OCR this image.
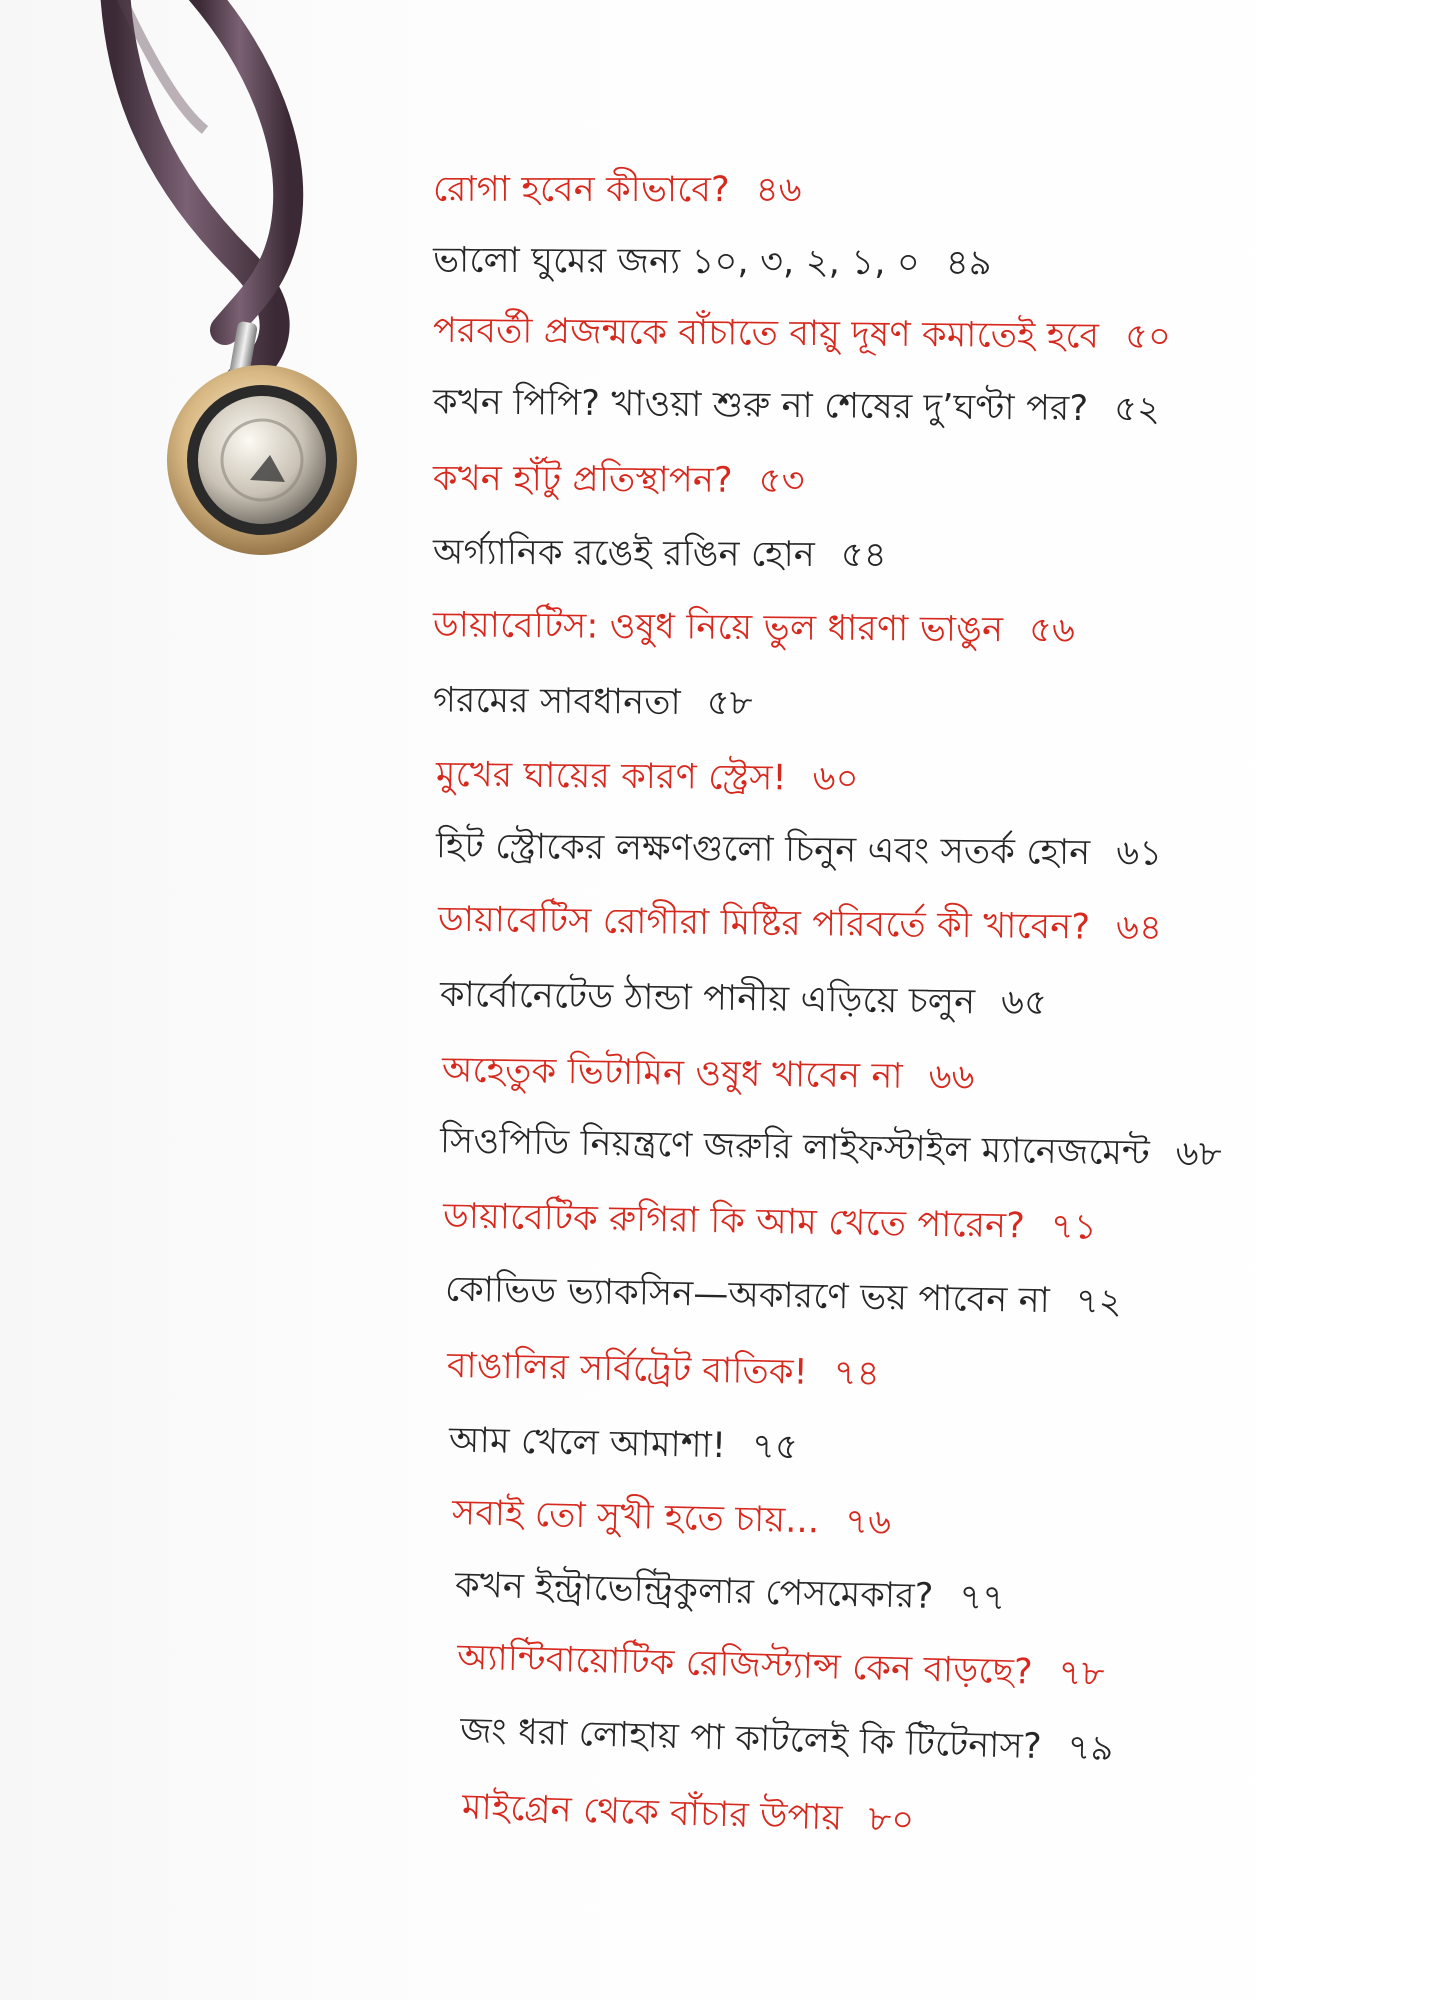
রোগা হবেন কীভাবে? ৪৬
ভালো ঘুমের জন্য ১০, ৩, ২, ১, ০ ৪৯
পরবর্তী প্রজন্মকে বাঁচাতে বায়ু দূষণ কমাতেই হবে ৫০
কখন পিপি? খাওয়া শুরু না শেষের দু’ঘণ্টা পর? ৫২
কখন হাঁটু প্রতিস্থাপন? ৫৩
অর্গ্যানিক রঙেই রঙিন হোন ৫৪
ডায়াবেটিস: ওষুধ নিয়ে ভুল ধারণা ভাঙুন ৫৬
গরমের সাবধানতা ৫৮
মুখের ঘায়ের কারণ স্ট্রেস! ৬০
হিট স্ট্রোকের লক্ষণগুলো চিনুন এবং সতর্ক হোন ৬১
ডায়াবেটিস রোগীরা মিষ্টির পরিবর্তে কী খাবেন? ৬৪
কার্বোনেটেড ঠান্ডা পানীয় এড়িয়ে চলুন ৬৫
অহেতুক ভিটামিন ওষুধ খাবেন না ৬৬
সিওপিডি নিয়ন্ত্রণে জরুরি লাইফস্টাইল ম্যানেজমেন্ট ৬৮
ডায়াবেটিক রুগিরা কি আম খেতে পারেন? ৭১
কোভিড ভ্যাকসিন—অকারণে ভয় পাবেন না ৭২
বাঙালির সর্বিট্রেট বাতিক! ৭৪
আম খেলে আমাশা! ৭৫
সবাই তো সুখী হতে চায়... ৭৬
কখন ইন্ট্রাভেন্ট্রিকুলার পেসমেকার? ৭৭
অ্যান্টিবায়োটিক রেজিস্ট্যান্স কেন বাড়ছে? ৭৮
জং ধরা লোহায় পা কাটলেই কি টিটেনাস? ৭৯
মাইগ্রেন থেকে বাঁচার উপায় ৮০
